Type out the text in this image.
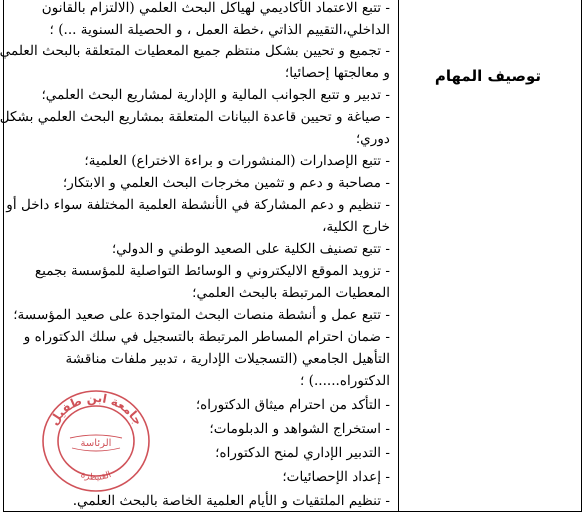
توصيف المهام
- تتبع الاعتماد الأكاديمي لهياكل البحث العلمي (الالتزام بالقانون
الداخلي،التقييم الذاتي ،خطة العمل ، و الحصيلة السنوية ...) ؛
- تجميع و تحيين بشكل منتظم جميع المعطيات المتعلقة بالبحث العلمي
و معالجتها إحصائيا؛
- تدبير و تتبع الجوانب المالية و الإدارية لمشاريع البحث العلمي؛
- صياغة و تحيين قاعدة البيانات المتعلقة بمشاريع البحث العلمي بشكل
دوري؛
- تتبع الإصدارات (المنشورات و براءة الاختراع) العلمية؛
- مصاحبة و دعم و تثمين مخرجات البحث العلمي و الابتكار؛
- تنظيم و دعم المشاركة في الأنشطة العلمية المختلفة سواء داخل أو
خارج الكلية،
- تتبع تصنيف الكلية على الصعيد الوطني و الدولي؛
- تزويد الموقع الاليكتروني و الوسائط التواصلية للمؤسسة بجميع
المعطيات المرتبطة بالبحث العلمي؛
- تتبع عمل و أنشطة منصات البحث المتواجدة على صعيد المؤسسة؛
- ضمان احترام المساطر المرتبطة بالتسجيل في سلك الدكتوراه و
التأهيل الجامعي (التسجيلات الإدارية ، تدبير ملفات مناقشة
الدكتوراه......) ؛
- التأكد من احترام ميثاق الدكتوراه؛
- استخراج الشواهد و الدبلومات؛
- التدبير الإداري لمنح الدكتوراه؛
- إعداد الإحصائيات؛
- تنظيم الملتقيات و الأيام العلمية الخاصة بالبحث العلمي.
جامعة ابن طفيل
الرئاسة
القنيطرة
